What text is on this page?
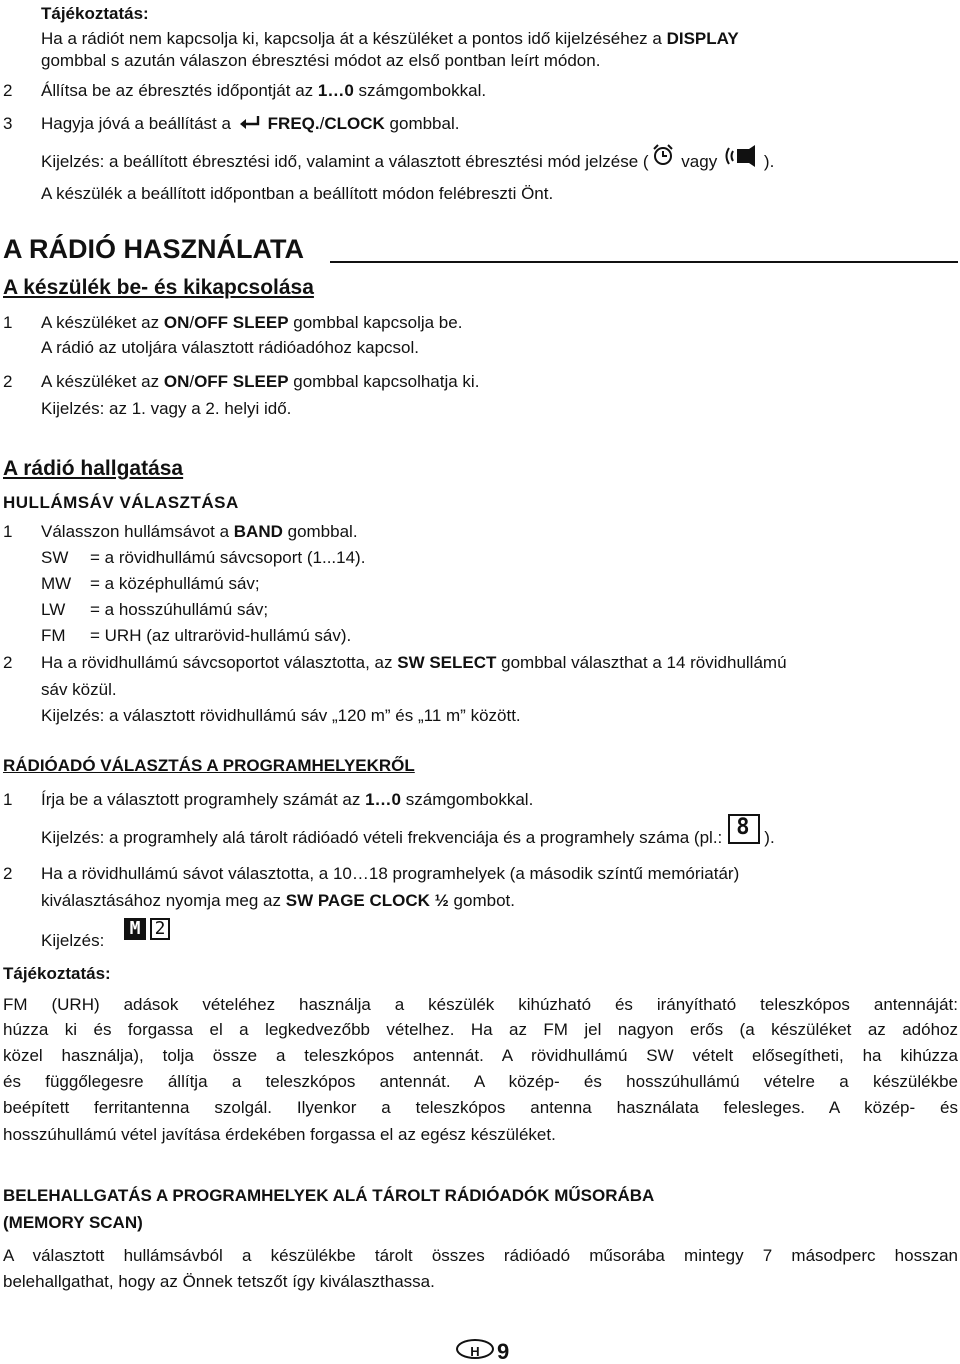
Tájékoztatás:
Ha a rádiót nem kapcsolja ki, kapcsolja át a készüléket a pontos idő kijelzéséhez a DISPLAY
gombbal s azután válaszon ébresztési módot az első pontban leírt módon.
2	Állítsa be az ébresztés időpontját az 1…0 számgombokkal.
3	Hagyja jóvá a beállítást a FREQ./CLOCK gombbal.
Kijelzés: a beállított ébresztési idő, valamint a választott ébresztési mód jelzése ( vagy ).
A készülék a beállított időpontban a beállított módon felébreszti Önt.
A RÁDIÓ HASZNÁLATA
A készülék be- és kikapcsolása
1	A készüléket az ON/OFF SLEEP gombbal kapcsolja be.
A rádió az utoljára választott rádióadóhoz kapcsol.
2	A készüléket az ON/OFF SLEEP gombbal kapcsolhatja ki.
Kijelzés: az 1. vagy a 2. helyi idő.
A rádió hallgatása
HULLÁMSÁV VÁLASZTÁSA
1	Válasszon hullámsávot a BAND gombbal.
SW = a rövidhullámú sávcsoport (1...14).
MW = a középhullámú sáv;
LW = a hosszúhullámú sáv;
FM = URH (az ultrarövid-hullámú sáv).
2	Ha a rövidhullámú sávcsoportot választotta, az SW SELECT gombbal választhat a 14 rövidhullámú
sáv közül.
Kijelzés: a választott rövidhullámú sáv „120 m” és „11 m” között.
RÁDIÓADÓ VÁLASZTÁS A PROGRAMHELYEKRŐL
1	Írja be a választott programhely számát az 1…0 számgombokkal.
Kijelzés: a programhely alá tárolt rádióadó vételi frekvenciája és a programhely száma (pl.: 8 ).
2	Ha a rövidhullámú sávot választotta, a 10…18 programhelyek (a második színtű memóriatár)
kiválasztásához nyomja meg az SW PAGE CLOCK ½ gombot.
Kijelzés:
M 2
Tájékoztatás:
FM (URH) adások vételéhez használja a készülék kihúzható és irányítható teleszkópos antennáját:
húzza ki és forgassa el a legkedvezőbb vételhez. Ha az FM jel nagyon erős (a készüléket az adóhoz
közel használja), tolja össze a teleszkópos antennát. A rövidhullámú SW vételt elősegítheti, ha kihúzza
és függőlegesre állítja a teleszkópos antennát. A közép- és hosszúhullámú vételre a készülékbe
beépített ferritantenna szolgál. Ilyenkor a teleszkópos antenna használata felesleges. A közép- és
hosszúhullámú vétel javítása érdekében forgassa el az egész készüléket.
BELEHALLGATÁS A PROGRAMHELYEK ALÁ TÁROLT RÁDIÓADÓK MŰSORÁBA
(MEMORY SCAN)
A választott hullámsávból a készülékbe tárolt összes rádióadó műsorába mintegy 7 másodperc hosszan
belehallgathat, hogy az Önnek tetszőt így kiválaszthassa.
H 9
